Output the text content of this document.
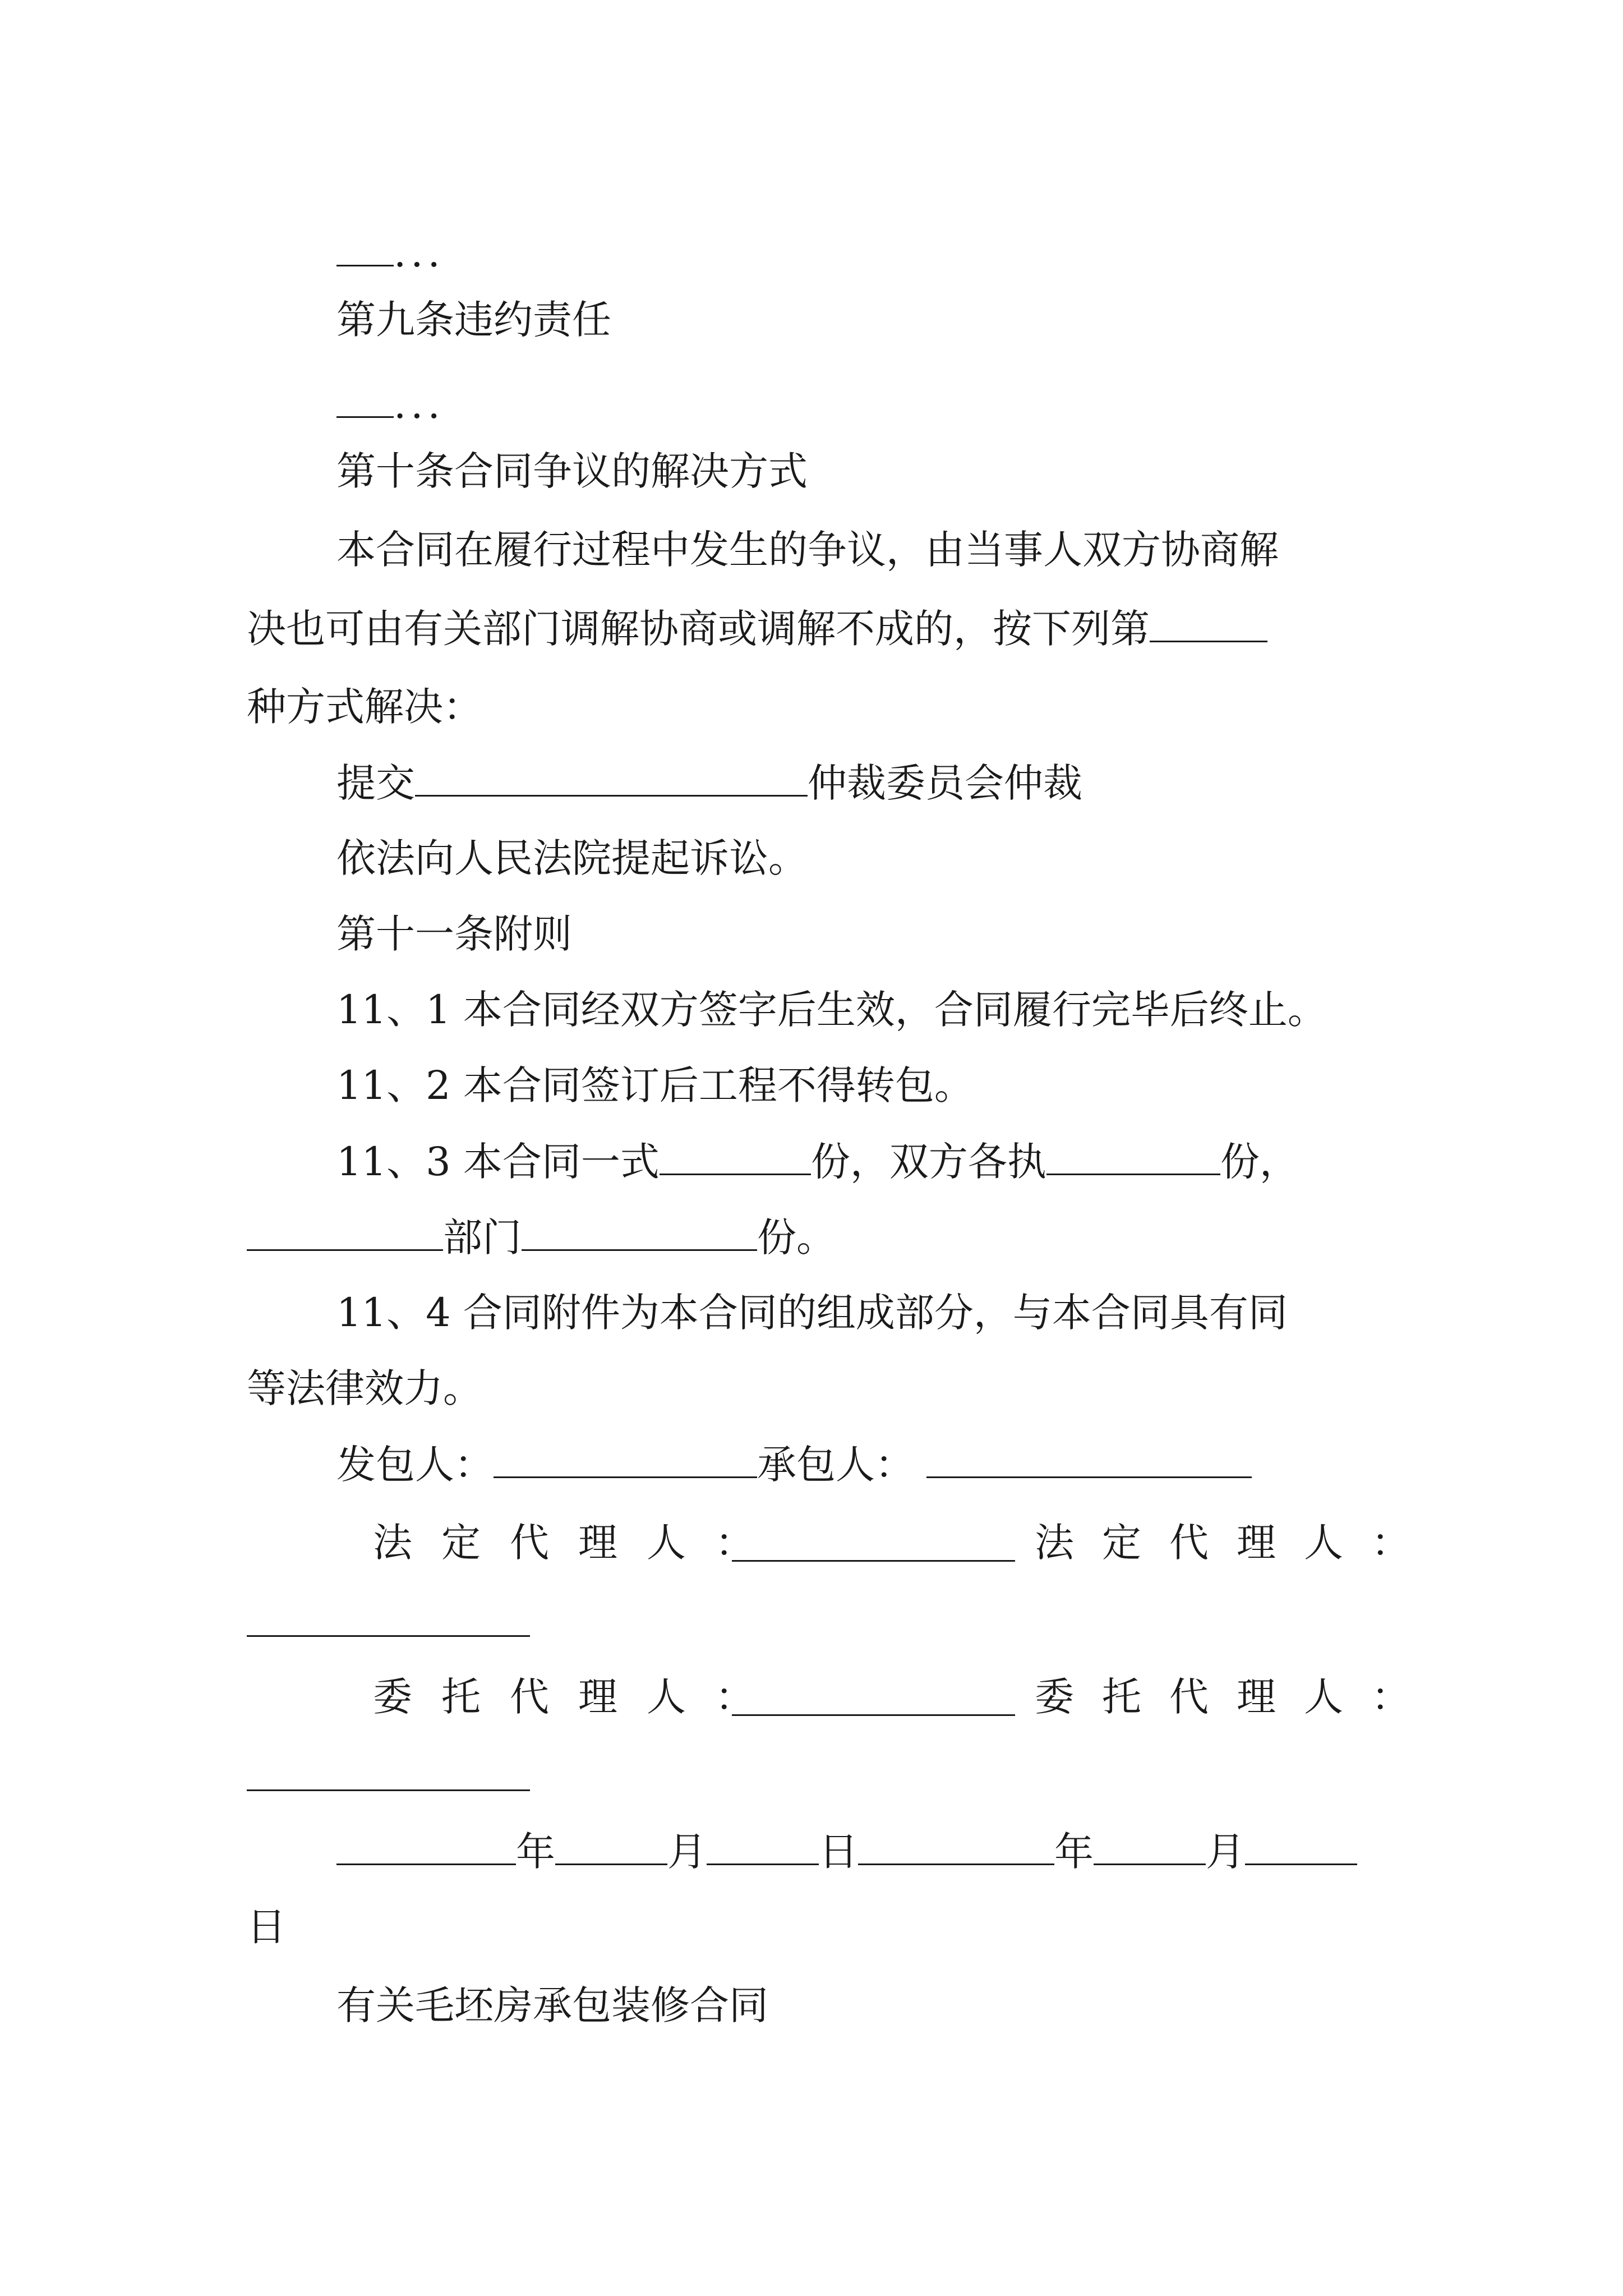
...
第九条违约责任
...
第十条合同争议的解决方式
本合同在履行过程中发生的争议，由当事人双方协商解
决也可由有关部门调解协商或调解不成的，按下列第
种方式解决：
提交	仲裁委员会仲裁
依法向人民法院提起诉讼。
第十一条附则
11、1 本合同经双方签字后生效，合同履行完毕后终止。
11、2 本合同签订后工程不得转包。
11、3 本合同一式	份，双方各执	份，
部门	份。
11、4 合同附件为本合同的组成部分，与本合同具有同
等法律效力。
发包人：	承包人：
法定代理人：	法定代理人：
委托代理人：	委托代理人：
年	月	日	年	月
日
有关毛坯房承包装修合同
